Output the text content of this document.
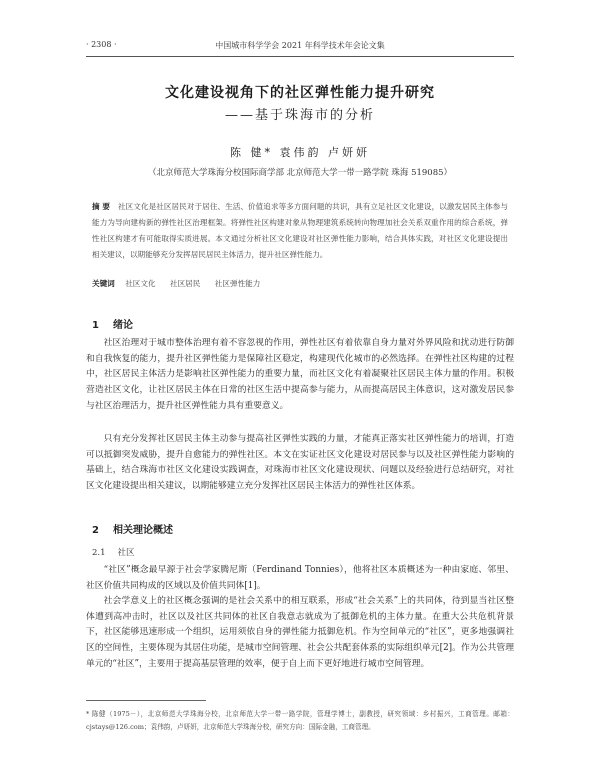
· 2308 ·	中国城市科学学会 2021 年科学技术年会论文集
文化建设视角下的社区弹性能力提升研究
——基于珠海市的分析
陈 健* 袁伟韵 卢妍妍
（北京师范大学珠海分校国际商学部 北京师范大学一带一路学院 珠海 519085）
摘 要 社区文化是社区居民对于居住、生活、价值追求等多方面问题的共识，具有立足社区文化建设，以激发居民主体参与能力为导向建构新的弹性社区治理框架。将弹性社区构建对象从物理建筑系统转向物理加社会关系双重作用的综合系统，弹性社区构建才有可能取得实质进展。本文通过分析社区文化建设对社区弹性能力影响，结合具体实践，对社区文化建设提出相关建议，以期能够充分发挥居民居民主体活力，提升社区弹性能力。
关键词 社区文化 社区居民 社区弹性能力
1 绪论

社区治理对于城市整体治理有着不容忽视的作用，弹性社区有着依靠自身力量对外界风险和扰动进行防御和自我恢复的能力，提升社区弹性能力是保障社区稳定，构建现代化城市的必然选择。在弹性社区构建的过程中，社区居民主体活力是影响社区弹性能力的重要力量，而社区文化有着凝聚社区居民主体力量的作用。积极营造社区文化，让社区居民主体在日常的社区生活中提高参与能力，从而提高居民主体意识，这对激发居民参与社区治理活力，提升社区弹性能力具有重要意义。

只有充分发挥社区居民主体主动参与提高社区弹性实践的力量，才能真正落实社区弹性能力的培训，打造可以抵御突发威胁，提升自愈能力的弹性社区。本文在实证社区文化建设对居民参与以及社区弹性能力影响的基础上，结合珠海市社区文化建设实践调查，对珠海市社区文化建设现状、问题以及经验进行总结研究，对社区文化建设提出相关建议，以期能够建立充分发挥社区居民主体活力的弹性社区体系。

2 相关理论概述
2.1 社区

“社区”概念最早源于社会学家腾尼斯（Ferdinand Tonnies），他将社区本质概述为一种由家庭、邻里、社区价值共同构成的区域以及价值共同体[1]。

社会学意义上的社区概念强调的是社会关系中的相互联系，形成“社会关系”上的共同体，待到显当社区整体遭到高冲击时，社区以及社区共同体的社区自我意志就成为了抵御危机的主体力量。在重大公共危机背景下，社区能够迅速形成一个组织，运用须依自身的弹性能力抵御危机。作为空间单元的“社区”，更多地强调社区的空间性，主要体现为其居住功能，是城市空间管理、社会公共配套体系的实际组织单元[2]。作为公共管理单元的“社区”，主要用于提高基层管理的效率，便于自上而下更好地进行城市空间管理。

* 陈健（1975－），北京师范大学珠海分校，北京师范大学一带一路学院，管理学博士，副教授，研究领域：乡村振兴，工商管理。邮箱：cjstays@126.com；袁伟韵，卢妍妍，北京师范大学珠海分校，研究方向：国际金融，工商管理。
